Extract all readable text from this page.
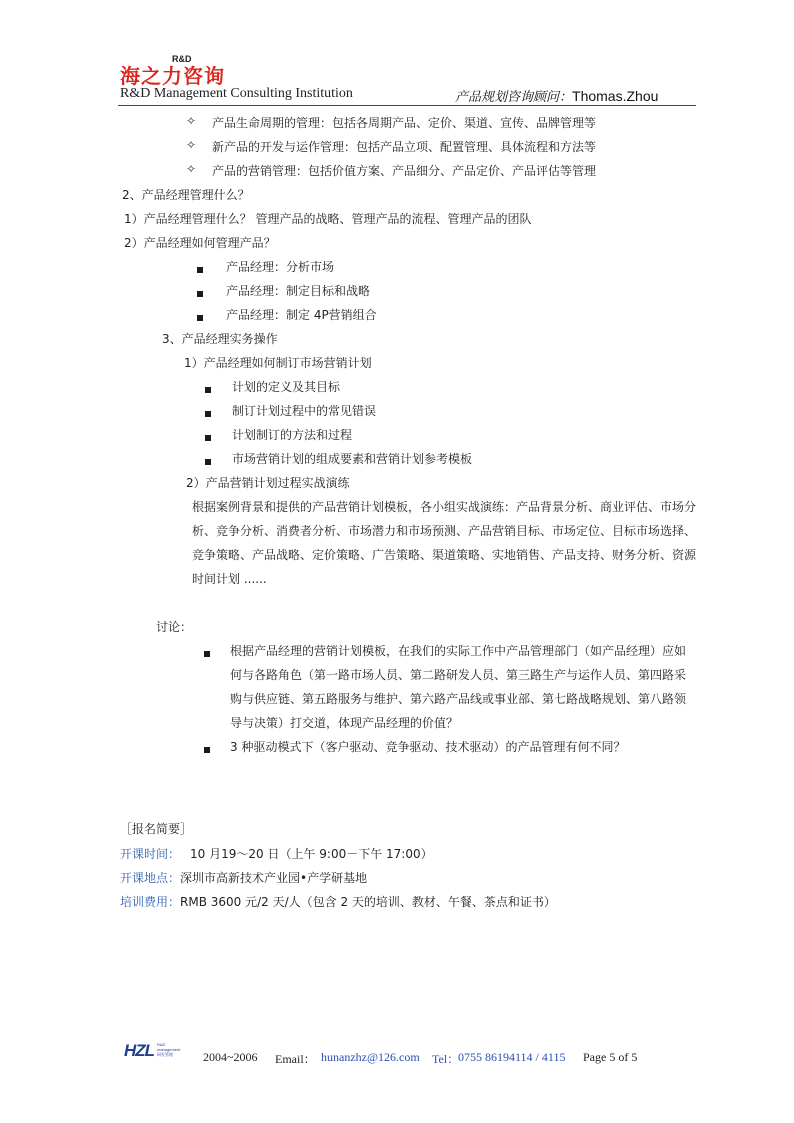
海之力咨询
R&D
R&D Management Consulting Institution	产品规划咨询顾问：Thomas.Zhou
✧ 产品生命周期的管理：包括各周期产品、定价、渠道、宣传、品牌管理等
✧ 新产品的开发与运作管理：包括产品立项、配置管理、具体流程和方法等
✧ 产品的营销管理：包括价值方案、产品细分、产品定价、产品评估等管理
2、产品经理管理什么？
1）产品经理管理什么？ 管理产品的战略、管理产品的流程、管理产品的团队
2）产品经理如何管理产品？
产品经理：分析市场
产品经理：制定目标和战略
产品经理：制定 4P营销组合
3、产品经理实务操作
1）产品经理如何制订市场营销计划
计划的定义及其目标
制订计划过程中的常见错误
计划制订的方法和过程
市场营销计划的组成要素和营销计划参考模板
2）产品营销计划过程实战演练
根据案例背景和提供的产品营销计划模板，各小组实战演练：产品背景分析、商业评估、市场分
析、竞争分析、消费者分析、市场潜力和市场预测、产品营销目标、市场定位、目标市场选择、
竞争策略、产品战略、定价策略、广告策略、渠道策略、实地销售、产品支持、财务分析、资源
时间计划 ......
讨论：
根据产品经理的营销计划模板，在我们的实际工作中产品管理部门（如产品经理）应如
何与各路角色（第一路市场人员、第二路研发人员、第三路生产与运作人员、第四路采
购与供应链、第五路服务与维护、第六路产品线或事业部、第七路战略规划、第八路领
导与决策）打交道，体现产品经理的价值？
3 种驱动模式下（客户驱动、竞争驱动、技术驱动）的产品管理有何不同？
［报名简要］
开课时间： 10 月19～20 日（上午 9:00－下午 17:00）
开课地点：深圳市高新技术产业园•产学研基地
培训费用：RMB 3600 元/2 天/人（包含 2 天的培训、教材、午餐、茶点和证书）
HZL R&D
management
研发管理	2004~2006 Email： hunanzhz@126.com Tel：
0755 86194114 / 4115 Page 5 of 5
